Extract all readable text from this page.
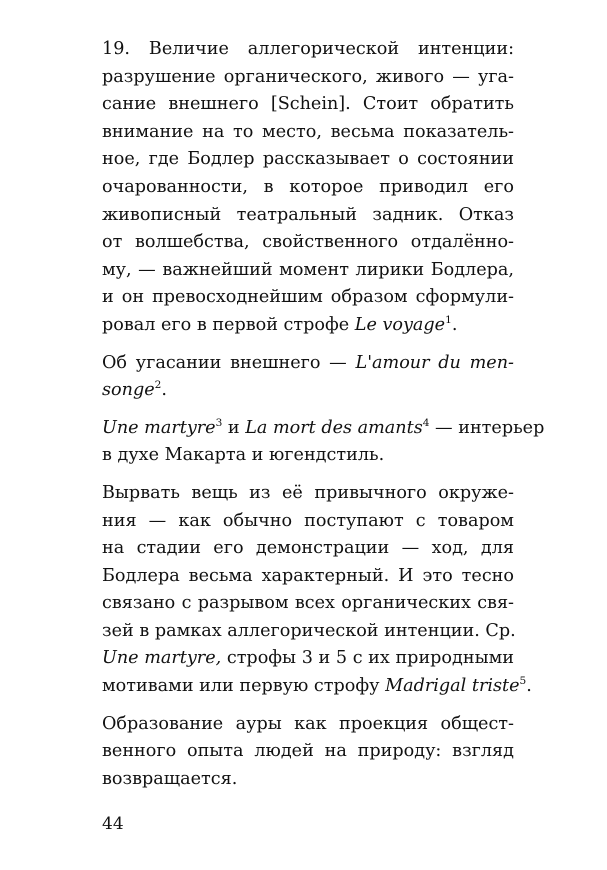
19. Величие аллегорической интенции:
разрушение органического, живого — уга-
сание внешнего [Schein]. Стоит обратить
внимание на то место, весьма показатель-
ное, где Бодлер рассказывает о состоянии
очарованности, в которое приводил его
живописный театральный задник. Отказ
от волшебства, свойственного отдалённо-
му, — важнейший момент лирики Бодлера,
и он превосходнейшим образом сформули-
ровал его в первой строфе Le voyage$^1$.

Об угасании внешнего — L'amour du men-
songe$^2$.

Une martyre$^3$ и La mort des amants$^4$ — интерьер
в духе Макарта и югендстиль.

Вырвать вещь из её привычного окруже-
ния — как обычно поступают с товаром
на стадии его демонстрации — ход, для
Бодлера весьма характерный. И это тесно
связано с разрывом всех органических свя-
зей в рамках аллегорической интенции. Ср.
Une martyre, строфы 3 и 5 с их природными
мотивами или первую строфу Madrigal triste$^5$.

Образование ауры как проекция общест-
венного опыта людей на природу: взгляд
возвращается.

44
